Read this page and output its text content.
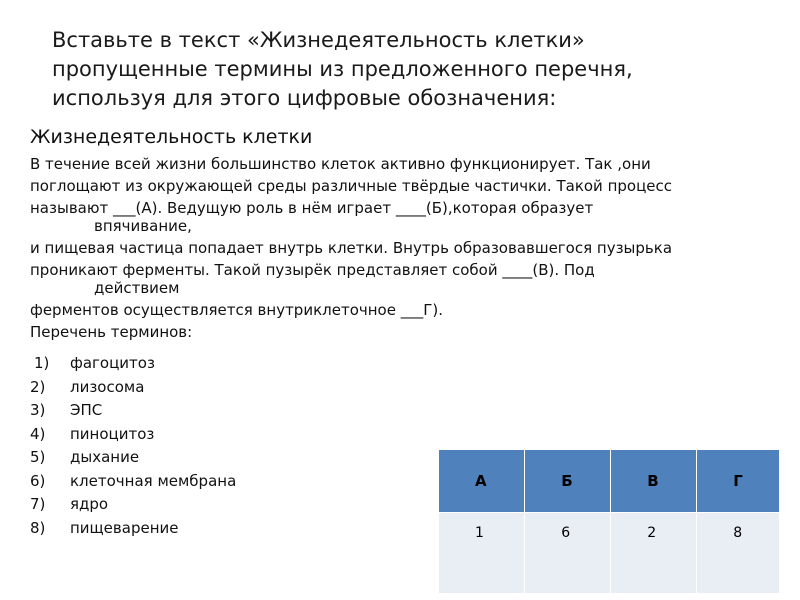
Вставьте в текст «Жизнедеятельность клетки»
пропущенные термины из предложенного перечня,
используя для этого цифровые обозначения:
Жизнедеятельность клетки
В течение всей жизни большинство клеток активно функционирует. Так ,они
поглощают из окружающей среды различные твёрдые частички. Такой процесс
называют ___(А). Ведущую роль в нём играет ____(Б),которая образует
впячивание,
и пищевая частица попадает внутрь клетки. Внутрь образовавшегося пузырька
проникают ферменты. Такой пузырёк представляет собой ____(В). Под
действием
ферментов осуществляется внутриклеточное ___Г).
Перечень терминов:
1)	фагоцитоз
2)	лизосома
3)	ЭПС
4)	пиноцитоз
5)	дыхание
6)	клеточная мембрана
7)	ядро
8)	пищеварение
А	Б	В	Г
1	6	2	8
